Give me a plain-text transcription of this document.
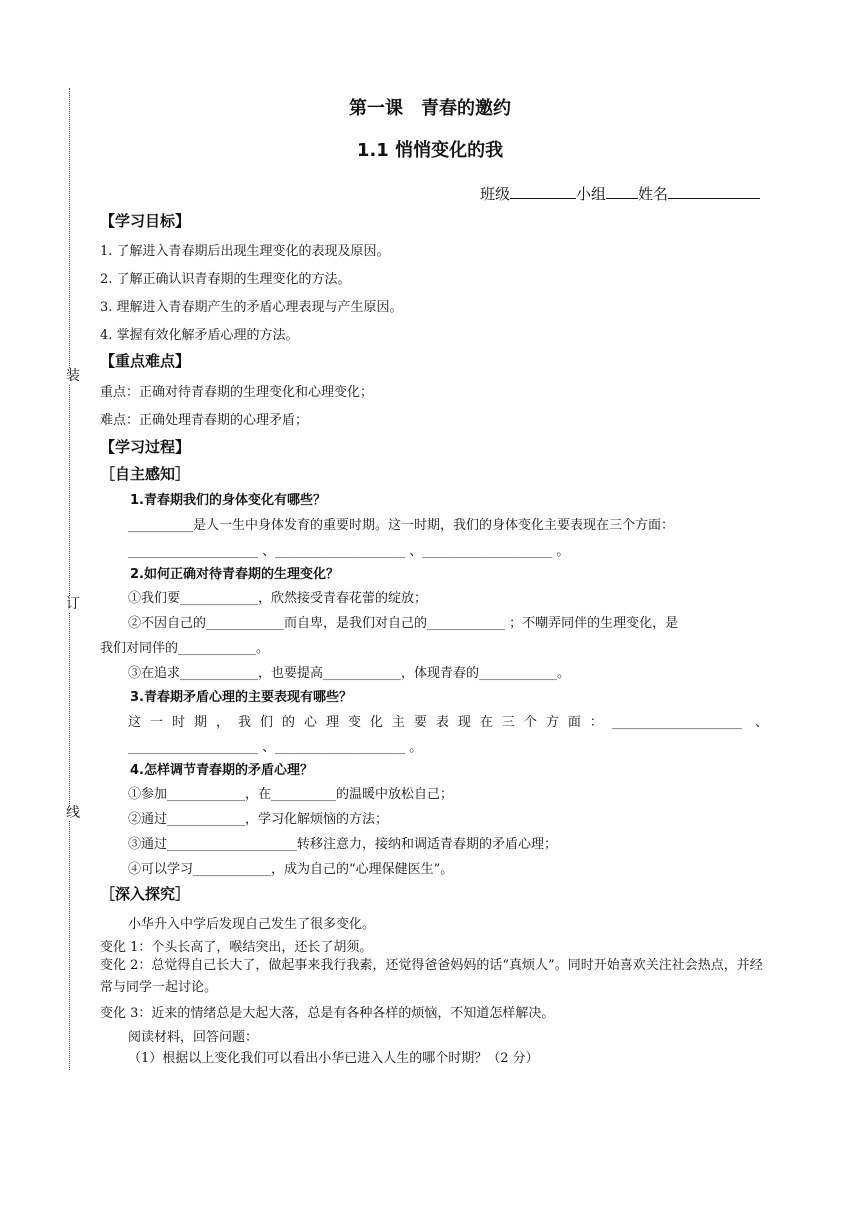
装
订
线
第一课　青春的邀约
1.1 悄悄变化的我
班级	小组 姓名
【学习目标】
1. 了解进入青春期后出现生理变化的表现及原因。
2. 了解正确认识青春期的生理变化的方法。
3. 理解进入青春期产生的矛盾心理表现与产生原因。
4. 掌握有效化解矛盾心理的方法。
【重点难点】
重点：正确对待青春期的生理变化和心理变化；
难点：正确处理青春期的心理矛盾；
【学习过程】
［自主感知］
1.青春期我们的身体变化有哪些？
__________是人一生中身体发育的重要时期。这一时期，我们的身体变化主要表现在三个方面：
____________________ 、____________________ 、____________________ 。
2.如何正确对待青春期的生理变化？
①我们要____________，欣然接受青春花蕾的绽放；
②不因自己的____________而自卑，是我们对自己的____________ ；不嘲弄同伴的生理变化，是
我们对同伴的____________。
③在追求____________，也要提高____________，体现青春的____________。
3.青春期矛盾心理的主要表现有哪些？
这一时期，我们的心理变化主要表现在三个方面：____________________ 、
____________________ 、____________________ 。
4.怎样调节青春期的矛盾心理？
①参加____________，在__________的温暖中放松自己；
②通过____________，学习化解烦恼的方法；
③通过____________________转移注意力，接纳和调适青春期的矛盾心理；
④可以学习____________，成为自己的“心理保健医生”。
［深入探究］
小华升入中学后发现自己发生了很多变化。
变化 1：个头长高了，喉结突出，还长了胡须。
变化 2：总觉得自己长大了，做起事来我行我素，还觉得爸爸妈妈的话“真烦人”。同时开始喜欢关注社会热点，并经常与同学一起讨论。
变化 3：近来的情绪总是大起大落，总是有各种各样的烦恼，不知道怎样解决。
阅读材料，回答问题：
（1）根据以上变化我们可以看出小华已进入人生的哪个时期？（2 分）
